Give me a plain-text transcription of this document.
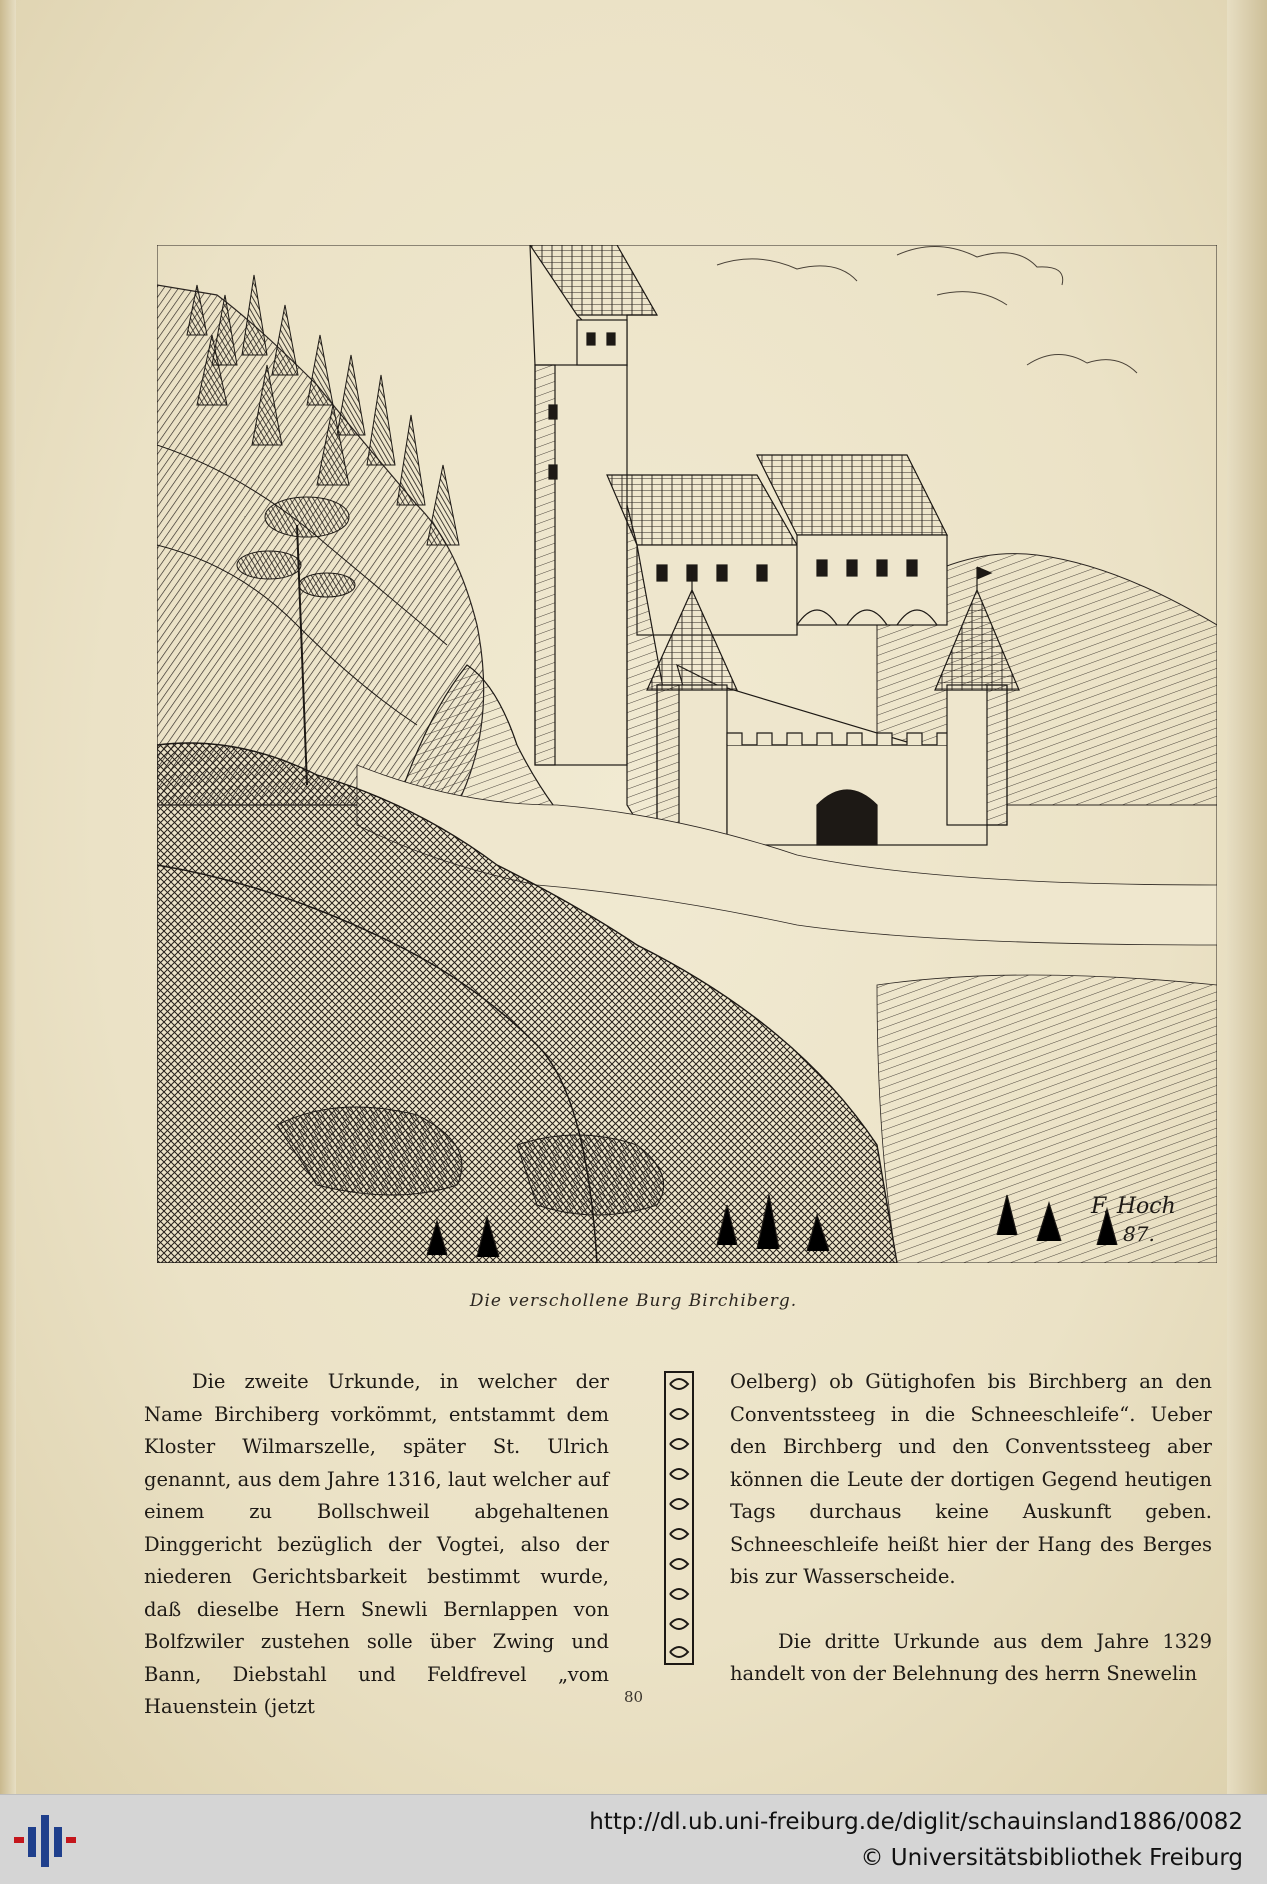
F. Hoch
87.
Die verschollene Burg Birchiberg.

Die zweite Urkunde, in welcher der Name Birchiberg vorkömmt, entstammt dem Kloster Wilmarszelle, später St. Ulrich genannt, aus dem Jahre 1316, laut welcher auf einem zu Bollschweil abgehaltenen Dinggericht bezüglich der Vogtei, also der niederen Gerichtsbarkeit bestimmt wurde, daß dieselbe Hern Snewli Bernlappen von Bolfzwiler zustehen solle über Zwing und Bann, Diebstahl und Feldfrevel „vom Hauenstein (jetzt

Oelberg) ob Gütighofen bis Birchberg an den Conventssteeg in die Schneeschleife“. Ueber den Birchberg und den Conventssteeg aber können die Leute der dortigen Gegend heutigen Tags durchaus keine Auskunft geben. Schneeschleife heißt hier der Hang des Berges bis zur Wasserscheide.

Die dritte Urkunde aus dem Jahre 1329 handelt von der Belehnung des herrn Snewelin

80
http://dl.ub.uni-freiburg.de/diglit/schauinsland1886/0082
© Universitätsbibliothek Freiburg
